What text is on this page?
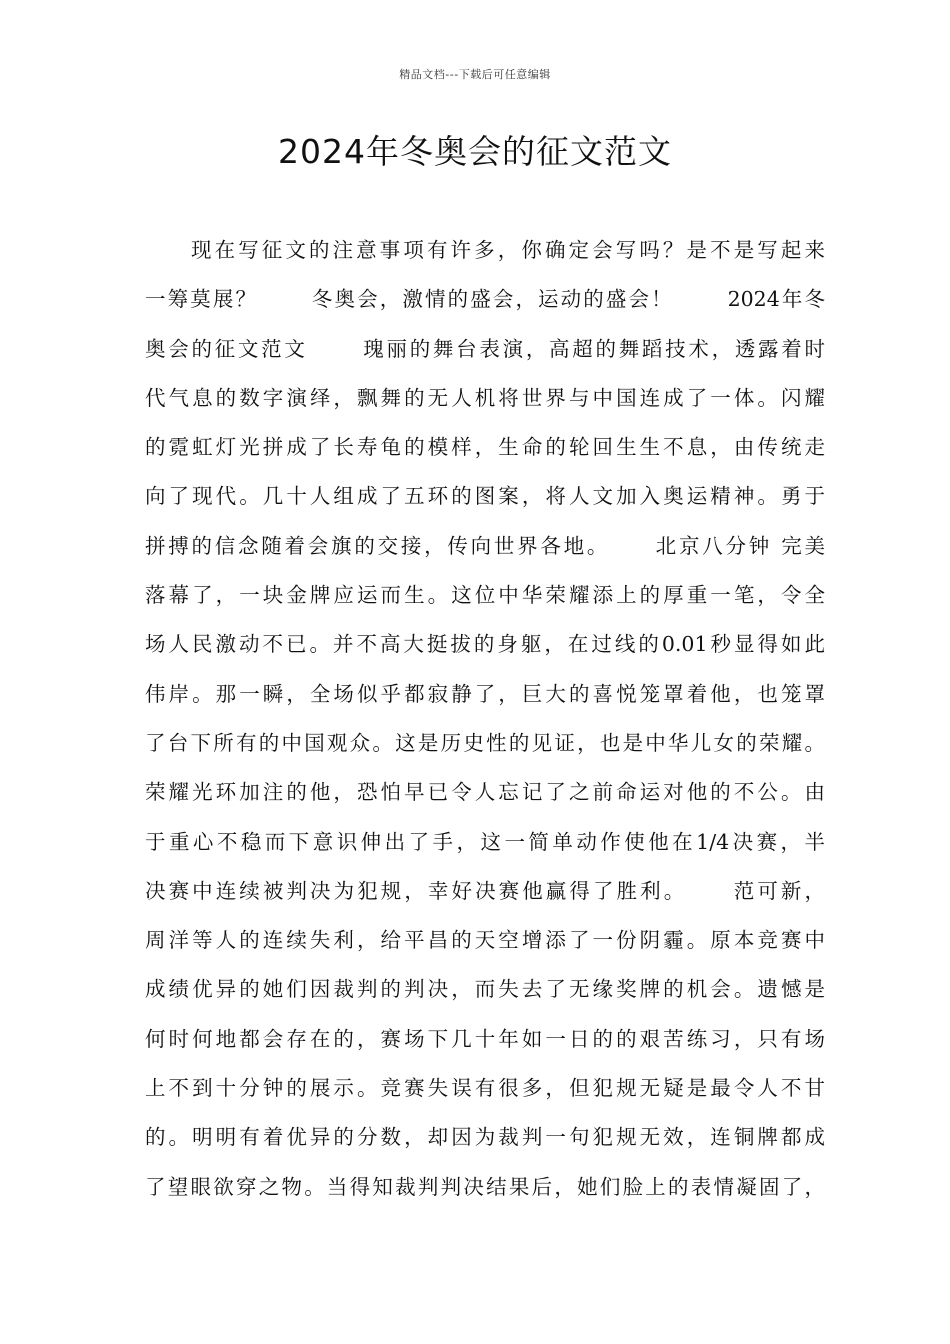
精品文档---下载后可任意编辑
2024年冬奥会的征文范文
现在写征文的注意事项有许多，你确定会写吗？是不是写起来
一筹莫展？　　 冬奥会，激情的盛会，运动的盛会！　　 2024年冬
奥会的征文范文　　 瑰丽的舞台表演，高超的舞蹈技术，透露着时
代气息的数字演绎，飘舞的无人机将世界与中国连成了一体。闪耀
的霓虹灯光拼成了长寿龟的模样，生命的轮回生生不息，由传统走
向了现代。几十人组成了五环的图案，将人文加入奥运精神。勇于
拼搏的信念随着会旗的交接，传向世界各地。　　 北京八分钟 完美
落幕了，一块金牌应运而生。这位中华荣耀添上的厚重一笔，令全
场人民激动不已。并不高大挺拔的身躯，在过线的0.01秒显得如此
伟岸。那一瞬，全场似乎都寂静了，巨大的喜悦笼罩着他，也笼罩
了台下所有的中国观众。这是历史性的见证，也是中华儿女的荣耀。
荣耀光环加注的他，恐怕早已令人忘记了之前命运对他的不公。由
于重心不稳而下意识伸出了手，这一简单动作使他在1/4决赛，半
决赛中连续被判决为犯规，幸好决赛他赢得了胜利。　　 范可新，
周洋等人的连续失利，给平昌的天空增添了一份阴霾。原本竞赛中
成绩优异的她们因裁判的判决，而失去了无缘奖牌的机会。遗憾是
何时何地都会存在的，赛场下几十年如一日的的艰苦练习，只有场
上不到十分钟的展示。竞赛失误有很多，但犯规无疑是最令人不甘
的。明明有着优异的分数，却因为裁判一句犯规无效，连铜牌都成
了望眼欲穿之物。当得知裁判判决结果后，她们脸上的表情凝固了，
